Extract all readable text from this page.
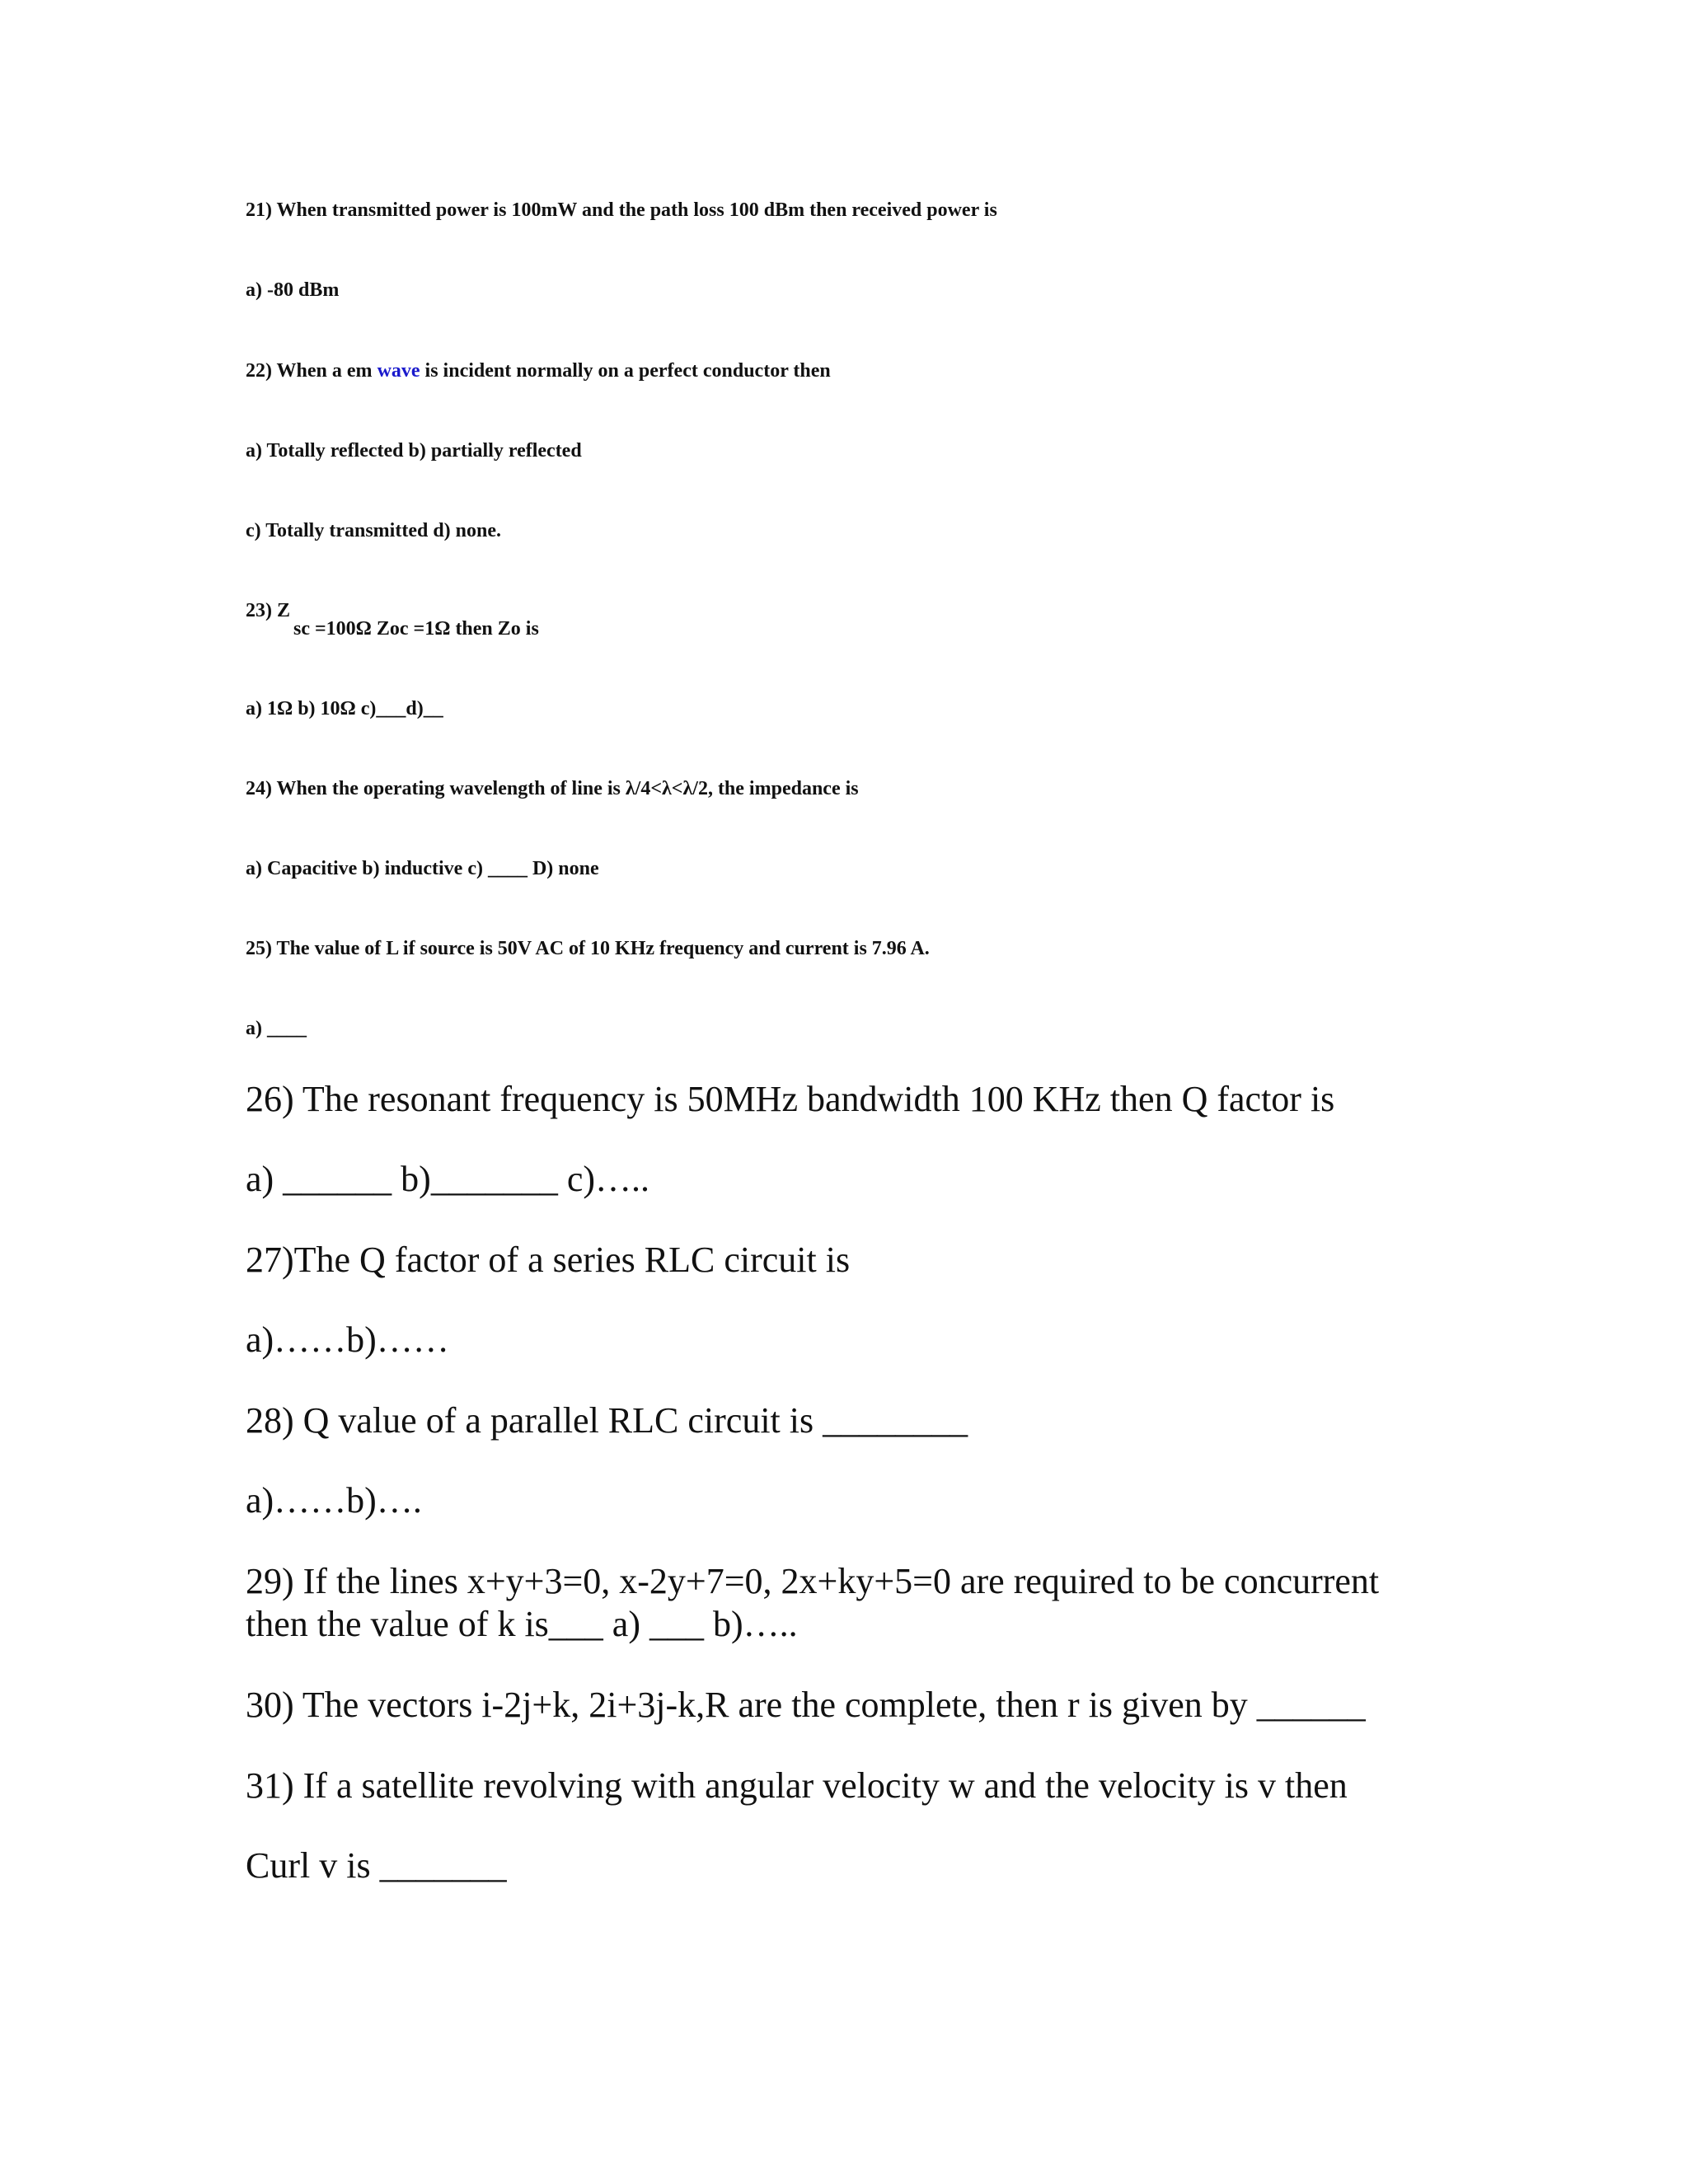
21) When transmitted power is 100mW and the path loss 100 dBm then received power is

a) -80 dBm

22) When a em wave is incident normally on a perfect conductor then

a) Totally reflected b) partially reflected

c) Totally transmitted d) none.

23) Zsc =100Ω Zoc =1Ω then Zo is

a) 1Ω b) 10Ω c)___d)__

24) When the operating wavelength of line is λ/4<λ<λ/2, the impedance is

a) Capacitive b) inductive c) ____ D) none

25) The value of L if source is 50V AC of 10 KHz frequency and current is 7.96 A.

a) ____

26) The resonant frequency is 50MHz bandwidth 100 KHz then Q factor is

a) ______ b)_______ c)…..

27)The Q factor of a series RLC circuit is

a)……b)……

28) Q value of a parallel RLC circuit is ________

a)……b)….

29) If the lines x+y+3=0, x-2y+7=0, 2x+ky+5=0 are required to be concurrent

then the value of k is___ a) ___ b)…..

30) The vectors i-2j+k, 2i+3j-k,R are the complete, then r is given by ______

31) If a satellite revolving with angular velocity w and the velocity is v then

Curl v is _______
